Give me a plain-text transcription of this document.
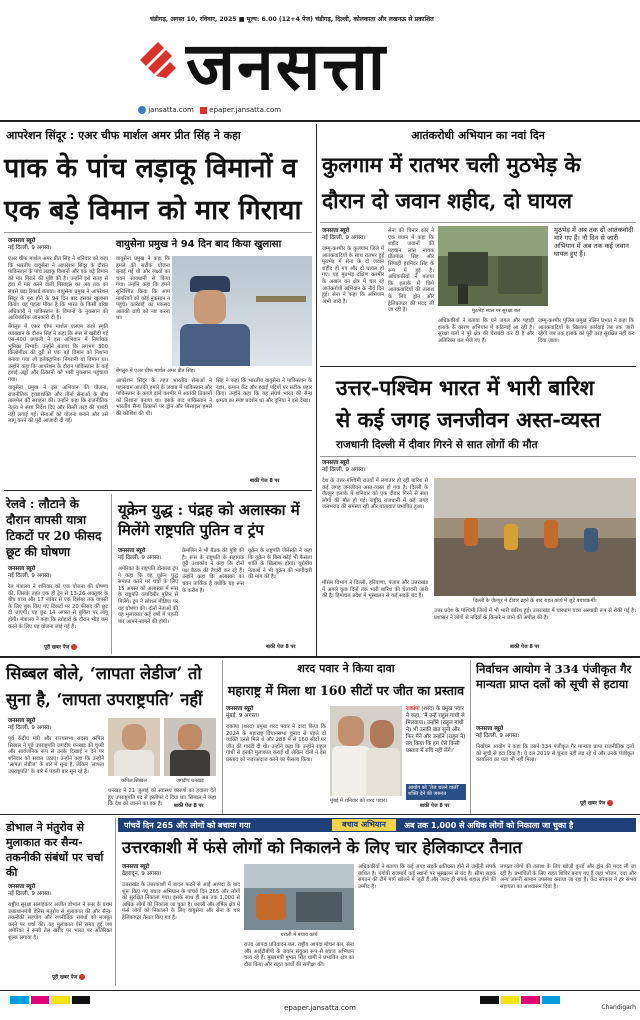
चंडीगढ़, अगस्त 10, रविवार, 2025 ■ मूल्य: 6.00 (12+4 पेज) चंडीगढ़, दिल्ली, कोलकाता और लखनऊ से प्रकाशित
जनसत्ता
jansatta.com epaper.jansatta.com
आपरेशन सिंदूर : एअर चीफ मार्शल अमर प्रीत सिंह ने कहा
पाक के पांच लड़ाकू विमानों व
एक बड़े विमान को मार गिराया
जनसत्ता ब्यूरो
नई दिल्ली, 9 अगस्त।

एअर चीफ मार्शल अमर प्रीत सिंह ने शनिवार को कहा कि भारतीय वायुसेना ने आपरेशन सिंदूर के दौरान पाकिस्तान के पांच लड़ाकू विमानों और एक बड़े विमान को मार गिराने की पुष्टि की है। उन्होंने इसे सतह से हवा में मार करने वाली मिसाइल का अब तक का सबसे बड़ा रिकार्ड बताया। वायुसेना प्रमुख ने आपरेशन सिंदूर के पूरा होने के 94 दिन बाद इसका खुलासा किया। यह पहला मौका है कि भारत के किसी वरिष्ठ अधिकारी ने पाकिस्तान के विमानों के नुकसान की आधिकारिक जानकारी दी है।

बेंगलुरु में एअर चीफ मार्शल एलएम कात्रे स्मृति व्याख्यान के दौरान सिंह ने कहा कि रूस से खरीदी गई एस-400 प्रणाली ने इस अभियान में निर्णायक भूमिका निभाई। उन्होंने बताया कि लगभग 300 किलोमीटर की दूरी से एक बड़े विमान को निशाना बनाया गया जो इलेक्ट्रानिक निगरानी या विमान था। उन्होंने कहा कि आपरेशन के दौरान पाकिस्तान के कई हवाई अड्डों और ठिकानों को भारी नुकसान पहुंचाया गया।

वायुसेना प्रमुख ने इस अभियान की योजना, राजनीतिक इच्छाशक्ति और तीनों सेनाओं के बीच तालमेल की सराहना की। उन्होंने कहा कि राजनीतिक नेतृत्व ने स्पष्ट निर्देश दिए और किसी तरह की पाबंदी नहीं लगाई गई। सेनाओं को योजना बनाने और उसे लागू करने की पूरी आजादी दी गई।

वायुसेना प्रमुख ने 94 दिन बाद किया खुलासा

वायुसेना प्रमुख ने कहा कि हमले की सटीक योजना बनाई गई थी और लक्ष्यों का चयन सावधानी से किया गया। उन्होंने कहा कि हमने सुनिश्चित किया कि आम नागरिकों को कोई नुकसान न पहुंचे। कार्रवाई का मकसद आतंकी ढांचे को नष्ट करना था।

बेंगलुरु में एअर चीफ मार्शल अमर प्रीत सिंह।

आपरेशन सिंदूर के तहत भारतीय सेनाओं ने पहलगाम आतंकी हमले के जवाब में पाकिस्तान और पाकिस्तान के कब्जे वाले कश्मीर में आतंकी ठिकानों को निशाना बनाया था। इसके बाद पाकिस्तान ने भारतीय सैन्य ठिकानों पर ड्रोन और मिसाइल हमले की कोशिश की थी।

सिंह ने कहा कि भारतीय वायुसेना ने पाकिस्तान के रडार, कमान केंद्र और हवाई पट्टियों पर सटीक प्रहार किए। उन्होंने कहा कि यह संघर्ष भारत की सैन्य क्षमता का स्पष्ट प्रदर्शन था और दुनिया ने इसे देखा।

बाकी पेज 8 पर
रेलवे : लौटाने के दौरान वापसी यात्रा टिकटों पर 20 फीसद छूट की घोषणा
जनसत्ता ब्यूरो
नई दिल्ली, 9 अगस्त।
रेल मंत्रालय ने शनिवार को एक योजना की घोषणा की, जिसके तहत एक ही ट्रेन से 13-26 अक्तूबर के बीच यात्रा और 17 नवंबर से एक दिसंबर तक वापसी के लिए बुक किए गए टिकटों पर 20 फीसद की छूट दी जाएगी। यह छूट 14 अगस्त से बुकिंग पर लागू होगी। मंत्रालय ने कहा कि त्योहारों के दौरान भीड़ कम करने के लिए यह योजना लाई गई है।
पूरी खबर पेज
यूक्रेन युद्ध : पंद्रह को अलास्का में मिलेंगे राष्ट्रपति पुतिन व ट्रंप
जनसत्ता ब्यूरो
नई दिल्ली, 9 अगस्त।
अमेरिका के राष्ट्रपति डोनाल्ड ट्रंप ने कहा कि वह यूक्रेन युद्ध समाप्त करने पर चर्चा के लिए 15 अगस्त को अलास्का में रूस के राष्ट्रपति व्लादिमीर पुतिन से मिलेंगे। ट्रंप ने सोशल मीडिया पर यह घोषणा की। दोनों नेताओं की यह मुलाकात कई वर्षों में पहली बार आमने-सामने की होगी।
क्रेमलिन ने भी बैठक की पुष्टि की है। रूस के राष्ट्रपति के सहायक यूरी उशाकोव ने कहा कि दोनों पक्ष बैठक की तैयारी कर रहे हैं। उन्होंने कहा कि अलास्का का चयन तार्किक है क्योंकि यह रूस के करीब है।
यूक्रेन के राष्ट्रपति जेलेंस्की ने कहा कि यूक्रेन के बिना कोई भी फैसला शांति के खिलाफ होगा। यूरोपीय नेताओं ने भी यूक्रेन की भागीदारी की मांग की है।
बाकी पेज 8 पर
आतंकरोधी अभियान का नवां दिन
कुलगाम में रातभर चली मुठभेड़ के
दौरान दो जवान शहीद, दो घायल
जनसत्ता ब्यूरो
नई दिल्ली, 9 अगस्त।
जम्मू-कश्मीर के कुलगाम जिले में आतंकवादियों के साथ रातभर हुई मुठभेड़ में सेना के दो जवान शहीद हो गए और दो घायल हो गए। यह मुठभेड़ दक्षिण कश्मीर के अखल वन क्षेत्र में चल रहे आतंकरोधी अभियान के नौवें दिन हुई। सेना ने कहा कि अभियान अभी जारी है।
सेना की चिनार कोर ने एक बयान में कहा कि शहीद जवानों की पहचान लांस नायक प्रीतपाल सिंह और सिपाही हरमिंदर सिंह के रूप में हुई है। अधिकारियों ने बताया कि इलाके में छिपे आतंकवादियों की तलाश के लिए ड्रोन और हेलिकाप्टर की मदद ली जा रही है।	मुठभेड़ स्थल पर सुरक्षा बल
मुठभेड़ में अब तक दो आतंकवादी मारे गए हैं। नौ दिन से जारी अभियान में अब तक कई जवान घायल हुए हैं।
अधिकारियों ने बताया कि घने जंगल और पहाड़ी इलाके के कारण अभियान में कठिनाई आ रही है। सुरक्षा बलों ने पूरे क्षेत्र की घेराबंदी कर दी है और अतिरिक्त बल भेजे गए हैं।
जम्मू-कश्मीर पुलिस प्रमुख नलिन प्रभात ने कहा कि आतंकवादियों के खिलाफ कार्रवाई तब तक जारी रहेगी जब तक इलाके को पूरी तरह सुरक्षित नहीं कर दिया जाता।
उत्तर-पश्चिम भारत में भारी बारिश
से कई जगह जनजीवन अस्त-व्यस्त
राजधानी दिल्ली में दीवार गिरने से सात लोगों की मौत
जनसत्ता ब्यूरो
नई दिल्ली, 9 अगस्त।
देश के उत्तर-पश्चिमी राज्यों में लगातार हो रही बारिश से कई जगह जनजीवन अस्त-व्यस्त हो गया है। दिल्ली के जैतपुर इलाके में शनिवार को एक दीवार गिरने से सात लोगों की मौत हो गई। राष्ट्रीय राजधानी में कई जगह जलभराव की समस्या रही और यातायात प्रभावित हुआ।
मौसम विभाग ने दिल्ली, हरियाणा, पंजाब और उत्तराखंड में अगले कुछ दिनों तक भारी बारिश की चेतावनी जारी की है। हिमाचल प्रदेश में भूस्खलन से कई सड़कें बंद हैं।
दिल्ली के जैतपुर में दीवार ढहने के बाद राहत कार्य में जुटे बचावकर्मी।
उत्तर प्रदेश के पश्चिमी जिलों में भी भारी बारिश हुई। उत्तराखंड में चारधाम यात्रा अस्थायी रूप से रोकी गई है। प्रशासन ने लोगों से नदियों के किनारे न जाने की अपील की है।
बाकी पेज 8 पर
सिब्बल बोले, ‘लापता लेडीज’ तो
सुना है, ‘लापता उपराष्ट्रपति’ नहीं
जनसत्ता ब्यूरो
नई दिल्ली, 9 अगस्त।
पूर्व केंद्रीय मंत्री और राज्यसभा सदस्य कपिल सिब्बल ने पूर्व उपराष्ट्रपति जगदीप धनखड़ की चुप्पी और सार्वजनिक रूप से उनके दिखाई न देने पर शनिवार को सवाल उठाए। उन्होंने कहा कि उन्होंने ‘लापता लेडीज’ के बारे में सुना है, लेकिन ‘लापता उपराष्ट्रपति’ के बारे में पहली बार सुन रहे हैं।
कपिल सिब्बल	जगदीप धनखड़
धनखड़ ने 21 जुलाई को स्वास्थ्य कारणों का हवाला देते हुए उपराष्ट्रपति पद से इस्तीफा दे दिया था। सिब्बल ने कहा कि देश को जानने का हक है।	बाकी पेज 8 पर
शरद पवार ने किया दावा
महाराष्ट्र में मिला था 160 सीटों पर जीत का प्रस्ताव
जनसत्ता ब्यूरो
मुंबई, 9 अगस्त।
राकांपा (शरद) प्रमुख शरद पवार ने दावा किया कि 2024 के महाराष्ट्र विधानसभा चुनाव से पहले दो व्यक्ति उनसे मिले थे और 288 में से 160 सीटों पर जीत की गारंटी दी थी। उन्होंने कहा कि उन्होंने राहुल गांधी से इनकी मुलाकात कराई थी लेकिन दोनों ने इस प्रस्ताव को नजरअंदाज करने का फैसला किया।
मुंबई में शनिवार को शरद पवार।
राकांपा (शरद) के प्रमुख पवार ने कहा, ‘मैं उन्हें राहुल गांधी से मिलवाया। उन्होंने (राहुल गांधी ने) भी उनकी बात सुनी और फिर मैंने और उन्होंने (राहुल ने) तय किया कि हम ऐसे किसी प्रस्ताव में रुचि नहीं लेंगे।’
आयोग को ‘तेज चलने वाली’ शक्ति देने की जरूरत
बाकी पेज 8 पर
निर्वाचन आयोग ने 334 पंजीकृत गैर मान्यता प्राप्त दलों को सूची से हटाया
जनसत्ता ब्यूरो
नई दिल्ली, 9 अगस्त।
निर्वाचन आयोग ने कहा कि उसने 334 पंजीकृत गैर मान्यता प्राप्त राजनीतिक दलों को सूची से हटा दिया है। ये दल 2019 से चुनाव नहीं लड़ रहे थे और उनके पंजीकृत कार्यालय का पता भी नहीं मिला।
पूरी खबर पेज
डोभाल ने मंतुरोव से मुलाकात कर सैन्य-तकनीकी संबंधों पर चर्चा की
जनसत्ता ब्यूरो
नई दिल्ली, 9 अगस्त।
राष्ट्रीय सुरक्षा सलाहकार अजीत डोभाल ने रूस के प्रथम उपप्रधानमंत्री डेनिस मंतुरोव से मुलाकात की और सैन्य-तकनीकी सहयोग और रणनीतिक संबंधों को मजबूत करने पर चर्चा की। यह मुलाकात ऐसे समय हुई जब अमेरिका ने रूसी तेल खरीद पर भारत पर अतिरिक्त शुल्क लगाया है।
पूरी खबर पेज
पांचवें दिन 265 और लोगों को बचाया गया	बचाव अभियान	अब तक 1,000 से अधिक लोगों को निकाला जा चुका है
उत्तरकाशी में फंसे लोगों को निकालने के लिए चार हेलिकाप्टर तैनात
जनसत्ता ब्यूरो
देहरादून, 9 अगस्त।
उत्तराखंड के उत्तरकाशी में बादल फटने से आई आपदा के बाद शुरू किए गए बचाव अभियान के पांचवें दिन 265 और लोगों को सुरक्षित निकाला गया। इसके साथ ही अब तक 1,000 से अधिक लोगों को निकाला जा चुका है। धराली और हर्षिल क्षेत्र में फंसे लोगों को निकालने के लिए वायुसेना और सेना के चार हेलिकाप्टर तैनात किए गए हैं।
धराली में बचाव कार्य
राज्य आपदा प्रतिवादन बल, राष्ट्रीय आपदा मोचन बल, सेना और आईटीबीपी के जवान संयुक्त रूप से बचाव अभियान चला रहे हैं। मुख्यमंत्री पुष्कर सिंह धामी ने प्रभावित क्षेत्र का दौरा किया और राहत कार्यों की समीक्षा की।
अधिकारियों ने बताया कि कई जगह सड़कें क्षतिग्रस्त होने से जमीनी संपर्क बाधित है। गंगोत्री राजमार्ग कई स्थानों पर भूस्खलन से बंद है। सीमा सड़क संगठन की टीमें मार्ग खोलने में जुटी हैं और जल्द ही संपर्क बहाल होने की उम्मीद है।
लापता लोगों की तलाश के लिए खोजी कुत्तों और ड्रोन की मदद ली जा रही है। प्रभावितों के लिए राहत शिविर बनाए गए हैं जहां भोजन, दवा और अन्य जरूरी सामान उपलब्ध कराया जा रहा है। केंद्र सरकार ने हर संभव सहायता का आश्वासन दिया है।
epaper.jansatta.com	Chandigarh
